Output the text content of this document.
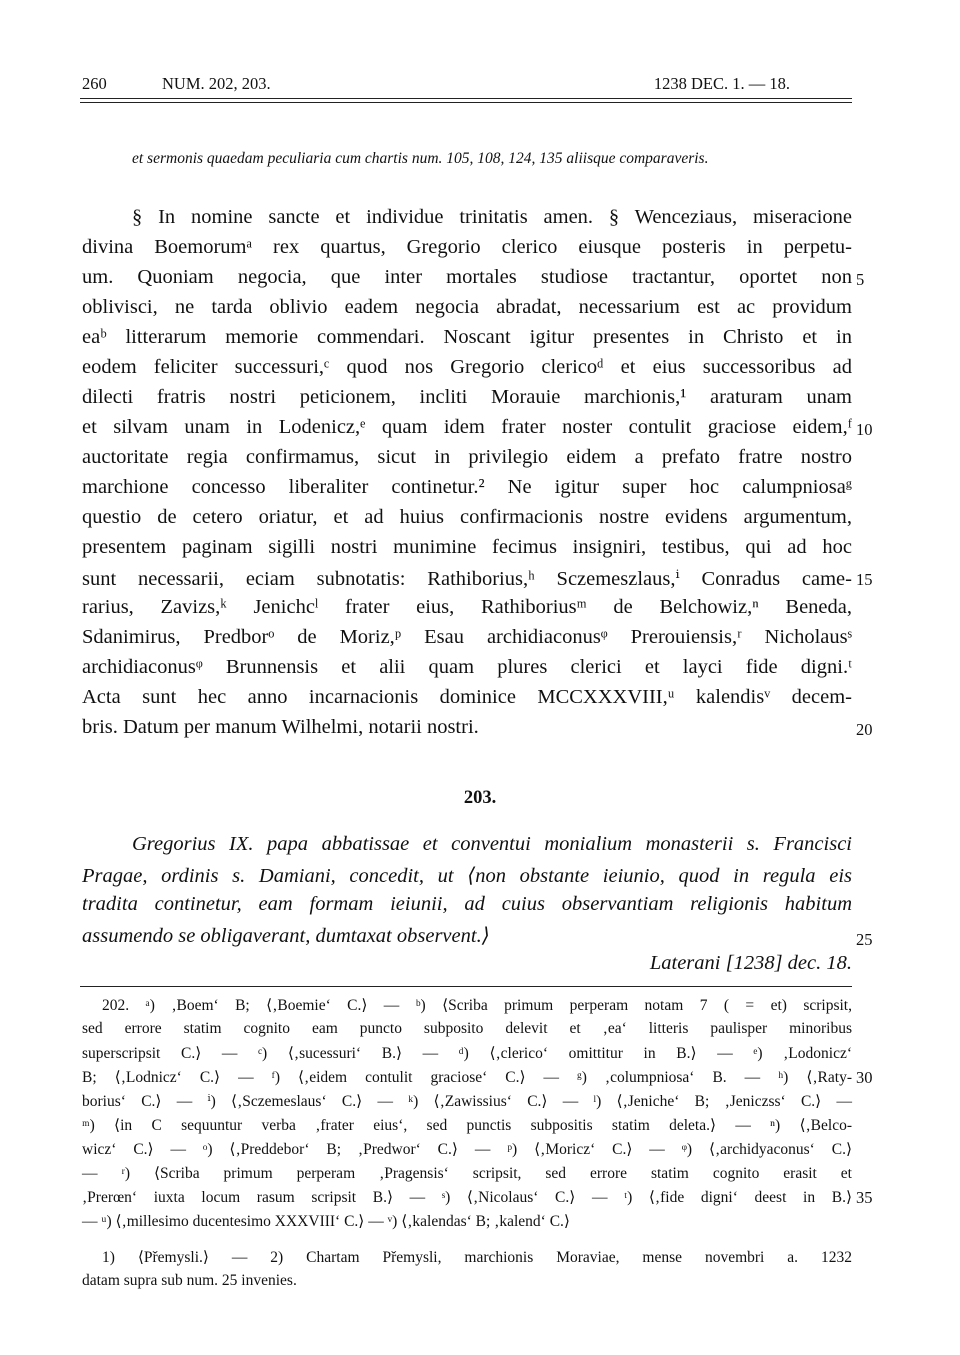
260	NUM. 202, 203.	1238 DEC. 1. — 18.
et sermonis quaedam peculiaria cum chartis num. 105, 108, 124, 135 aliisque comparaveris.
§ In nomine sancte et individue trinitatis amen. § Wenceziaus, miseracione
divina Boemorumᵃ rex quartus, Gregorio clerico eiusque posteris in perpetu-
um. Quoniam negocia, que inter mortales studiose tractantur, oportet non
oblivisci, ne tarda oblivio eadem negocia abradat, necessarium est ac providum
eaᵇ litterarum memorie commendari. Noscant igitur presentes in Christo et in
eodem feliciter successuri,ᶜ quod nos Gregorio clericoᵈ et eius successoribus ad
dilecti fratris nostri peticionem, incliti Morauie marchionis,¹ araturam unam
et silvam unam in Lodenicz,ᵉ quam idem frater noster contulit graciose eidem,ᶠ
auctoritate regia confirmamus, sicut in privilegio eidem a prefato fratre nostro
marchione concesso liberaliter continetur.² Ne igitur super hoc calumpniosaᵍ
questio de cetero oriatur, et ad huius confirmacionis nostre evidens argumentum,
presentem paginam sigilli nostri munimine fecimus insigniri, testibus, qui ad hoc
sunt necessarii, eciam subnotatis: Rathiborius,ʰ Sczemeszlaus,ⁱ Conradus came-
rarius, Zavizs,ᵏ Jenichcˡ frater eius, Rathiboriusᵐ de Belchowiz,ⁿ Beneda,
Sdanimirus, Predborᵒ de Moriz,ᵖ Esau archidiaconusᵠ Prerouiensis,ʳ Nicholausˢ
archidiaconusᵠ Brunnensis et alii quam plures clerici et layci fide digni.ᵗ
Acta sunt hec anno incarnacionis dominice MCCXXXVIII,ᵘ kalendisᵛ decem-
bris. Datum per manum Wilhelmi, notarii nostri.
5
10
15
20
25
30
35
203.
Gregorius IX. papa abbatissae et conventui monialium monasterii s. Francisci
Pragae, ordinis s. Damiani, concedit, ut ⟨non obstante ieiunio, quod in regula eis
tradita continetur, eam formam ieiunii, ad cuius observantiam religionis habitum
assumendo se obligaverant, dumtaxat observent.⟩
Laterani [1238] dec. 18.
202. ᵃ) ‚Boem‘ B; ⟨‚Boemie‘ C.⟩ — ᵇ) ⟨Scriba primum perperam notam 7 ( = et) scripsit,
sed errore statim cognito eam puncto subposito delevit et ‚ea‘ litteris paulisper minoribus
superscripsit C.⟩ — ᶜ) ⟨‚sucessuri‘ B.⟩ — ᵈ) ⟨‚clerico‘ omittitur in B.⟩ — ᵉ) ‚Lodonicz‘
B; ⟨‚Lodnicz‘ C.⟩ — ᶠ) ⟨‚eidem contulit graciose‘ C.⟩ — ᵍ) ‚columpniosa‘ B. — ʰ) ⟨‚Raty-
borius‘ C.⟩ — ⁱ) ⟨‚Sczemeslaus‘ C.⟩ — ᵏ) ⟨‚Zawissius‘ C.⟩ — ˡ) ⟨‚Jeniche‘ B; ‚Jeniczss‘ C.⟩ —
ᵐ) ⟨in C sequuntur verba ‚frater eius‘, sed punctis subpositis statim deleta.⟩ — ⁿ) ⟨‚Belco-
wicz‘ C.⟩ — ᵒ) ⟨‚Preddebor‘ B; ‚Predwor‘ C.⟩ — ᵖ) ⟨‚Moricz‘ C.⟩ — ᵠ) ⟨‚archidyaconus‘ C.⟩
— ʳ) ⟨Scriba primum perperam ‚Pragensis‘ scripsit, sed errore statim cognito erasit et
‚Prerœn‘ iuxta locum rasum scripsit B.⟩ — ˢ) ⟨‚Nicolaus‘ C.⟩ — ᵗ) ⟨‚fide digni‘ deest in B.⟩
— ᵘ) ⟨‚millesimo ducentesimo XXXVIII‘ C.⟩ — ᵛ) ⟨‚kalendas‘ B; ‚kalend‘ C.⟩
1) ⟨Přemysli.⟩ — 2) Chartam Přemysli, marchionis Moraviae, mense novembri a. 1232
datam supra sub num. 25 invenies.
